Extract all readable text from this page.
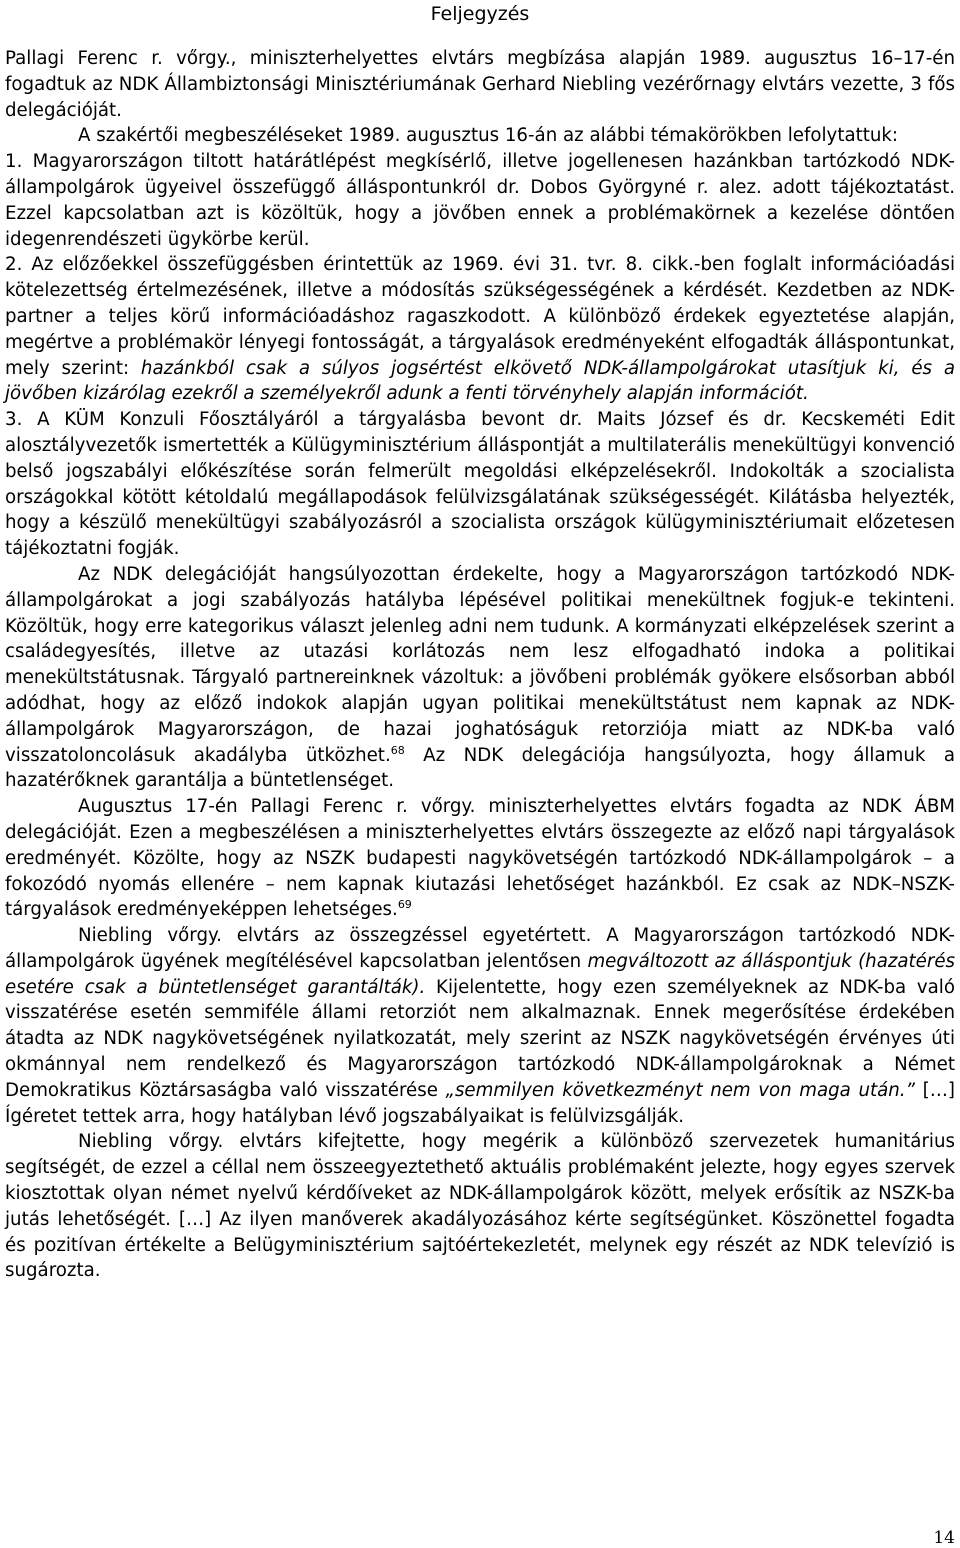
Feljegyzés

Pallagi Ferenc r. vőrgy., miniszterhelyettes elvtárs megbízása alapján 1989. augusztus 16–17-én fogadtuk az NDK Állambiztonsági Minisztériumának Gerhard Niebling vezérőrnagy elvtárs vezette, 3 fős delegációját.

A szakértői megbeszéléseket 1989. augusztus 16-án az alábbi témakörökben lefolytattuk:

1. Magyarországon tiltott határátlépést megkísérlő, illetve jogellenesen hazánkban tartózkodó NDK-állampolgárok ügyeivel összefüggő álláspontunkról dr. Dobos Györgyné r. alez. adott tájékoztatást. Ezzel kapcsolatban azt is közöltük, hogy a jövőben ennek a problémakörnek a kezelése döntően idegenrendészeti ügykörbe kerül.

2. Az előzőekkel összefüggésben érintettük az 1969. évi 31. tvr. 8. cikk.-ben foglalt információadási kötelezettség értelmezésének, illetve a módosítás szükségességének a kérdését. Kezdetben az NDK-partner a teljes körű információadáshoz ragaszkodott. A különböző érdekek egyeztetése alapján, megértve a problémakör lényegi fontosságát, a tárgyalások eredményeként elfogadták álláspontunkat, mely szerint: hazánkból csak a súlyos jogsértést elkövető NDK-állampolgárokat utasítjuk ki, és a jövőben kizárólag ezekről a személyekről adunk a fenti törvényhely alapján információt.

3. A KÜM Konzuli Főosztályáról a tárgyalásba bevont dr. Maits József és dr. Kecskeméti Edit alosztályvezetők ismertették a Külügyminisztérium álláspontját a multilaterális menekültügyi konvenció belső jogszabályi előkészítése során felmerült megoldási elképzelésekről. Indokolták a szocialista országokkal kötött kétoldalú megállapodások felülvizsgálatának szükségességét. Kilátásba helyezték, hogy a készülő menekültügyi szabályozásról a szocialista országok külügyminisztériumait előzetesen tájékoztatni fogják.

Az NDK delegációját hangsúlyozottan érdekelte, hogy a Magyarországon tartózkodó NDK-állampolgárokat a jogi szabályozás hatályba lépésével politikai menekültnek fogjuk-e tekinteni. Közöltük, hogy erre kategorikus választ jelenleg adni nem tudunk. A kormányzati elképzelések szerint a családegyesítés, illetve az utazási korlátozás nem lesz elfogadható indoka a politikai menekültstátusnak. Tárgyaló partnereinknek vázoltuk: a jövőbeni problémák gyökere elsősorban abból adódhat, hogy az előző indokok alapján ugyan politikai menekültstátust nem kapnak az NDK-állampolgárok Magyarországon, de hazai joghatóságuk retorziója miatt az NDK-ba való visszatoloncolásuk akadályba ütközhet.$^{68}$ Az NDK delegációja hangsúlyozta, hogy államuk a hazatérőknek garantálja a büntetlenséget.

Augusztus 17-én Pallagi Ferenc r. vőrgy. miniszterhelyettes elvtárs fogadta az NDK ÁBM delegációját. Ezen a megbeszélésen a miniszterhelyettes elvtárs összegezte az előző napi tárgyalások eredményét. Közölte, hogy az NSZK budapesti nagykövetségén tartózkodó NDK-állampolgárok – a fokozódó nyomás ellenére – nem kapnak kiutazási lehetőséget hazánkból. Ez csak az NDK–NSZK-tárgyalások eredményeképpen lehetséges.$^{69}$

Niebling vőrgy. elvtárs az összegzéssel egyetértett. A Magyarországon tartózkodó NDK-állampolgárok ügyének megítélésével kapcsolatban jelentősen megváltozott az álláspontjuk (hazatérés esetére csak a büntetlenséget garantálták). Kijelentette, hogy ezen személyeknek az NDK-ba való visszatérése esetén semmiféle állami retorziót nem alkalmaznak. Ennek megerősítése érdekében átadta az NDK nagykövetségének nyilatkozatát, mely szerint az NSZK nagykövetségén érvényes úti okmánnyal nem rendelkező és Magyarországon tartózkodó NDK-állampolgároknak a Német Demokratikus Köztársaságba való visszatérése „semmilyen következményt nem von maga után.” […] Ígéretet tettek arra, hogy hatályban lévő jogszabályaikat is felülvizsgálják.

Niebling vőrgy. elvtárs kifejtette, hogy megérik a különböző szervezetek humanitárius segítségét, de ezzel a céllal nem összeegyeztethető aktuális problémaként jelezte, hogy egyes szervek kiosztottak olyan német nyelvű kérdőíveket az NDK-állampolgárok között, melyek erősítik az NSZK-ba jutás lehetőségét. […] Az ilyen manőverek akadályozásához kérte segítségünket. Köszönettel fogadta és pozitívan értékelte a Belügyminisztérium sajtóértekezletét, melynek egy részét az NDK televízió is sugározta.

14
